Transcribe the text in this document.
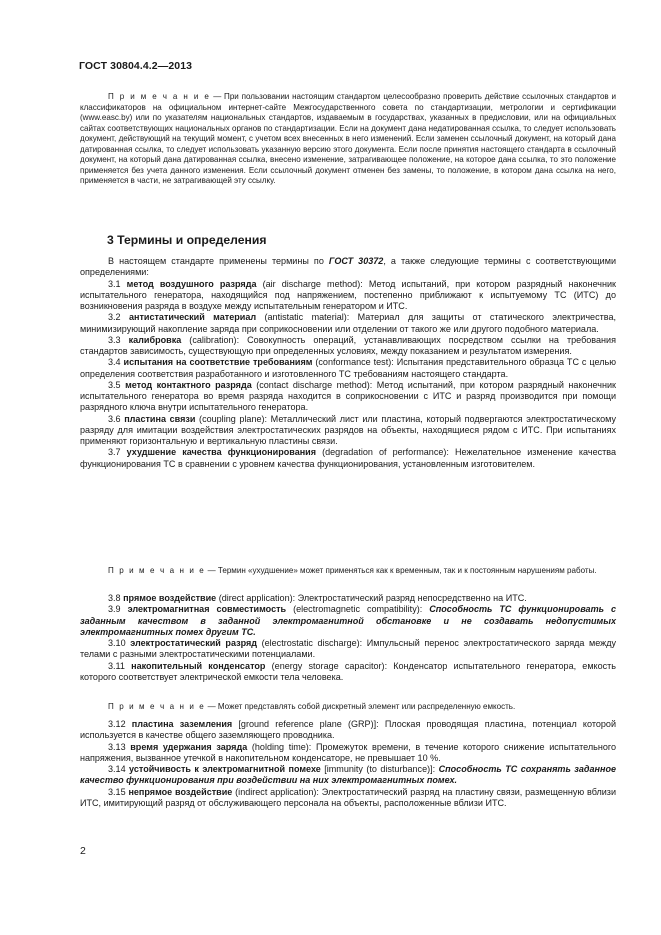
ГОСТ 30804.4.2—2013

П р и м е ч а н и е — При пользовании настоящим стандартом целесообразно проверить действие ссылочных стандартов и классификаторов на официальном интернет-сайте Межгосударственного совета по стандартизации, метрологии и сертификации (www.easc.by) или по указателям национальных стандартов, издаваемым в государствах, указанных в предисловии, или на официальных сайтах соответствующих национальных органов по стандартизации. Если на документ дана недатированная ссылка, то следует использовать документ, действующий на текущий момент, с учетом всех внесенных в него изменений. Если заменен ссылочный документ, на который дана датированная ссылка, то следует использовать указанную версию этого документа. Если после принятия настоящего стандарта в ссылочный документ, на который дана датированная ссылка, внесено изменение, затрагивающее положение, на которое дана ссылка, то это положение применяется без учета данного изменения. Если ссылочный документ отменен без замены, то положение, в котором дана ссылка на него, применяется в части, не затрагивающей эту ссылку.

3 Термины и определения

В настоящем стандарте применены термины по ГОСТ 30372, а также следующие термины с соответствующими определениями:

3.1 метод воздушного разряда (air discharge method): Метод испытаний, при котором разрядный наконечник испытательного генератора, находящийся под напряжением, постепенно приближают к испытуемому ТС (ИТС) до возникновения разряда в воздухе между испытательным генератором и ИТС.

3.2 антистатический материал (antistatic material): Материал для защиты от статического электричества, минимизирующий накопление заряда при соприкосновении или отделении от такого же или другого подобного материала.

3.3 калибровка (calibration): Совокупность операций, устанавливающих посредством ссылки на требования стандартов зависимость, существующую при определенных условиях, между показанием и результатом измерения.

3.4 испытания на соответствие требованиям (conformance test): Испытания представительного образца ТС с целью определения соответствия разработанного и изготовленного ТС требованиям настоящего стандарта.

3.5 метод контактного разряда (contact discharge method): Метод испытаний, при котором разрядный наконечник испытательного генератора во время разряда находится в соприкосновении с ИТС и разряд производится при помощи разрядного ключа внутри испытательного генератора.

3.6 пластина связи (coupling plane): Металлический лист или пластина, который подвергаются электростатическому разряду для имитации воздействия электростатических разрядов на объекты, находящиеся рядом с ИТС. При испытаниях применяют горизонтальную и вертикальную пластины связи.

3.7 ухудшение качества функционирования (degradation of performance): Нежелательное изменение качества функционирования ТС в сравнении с уровнем качества функционирования, установленным изготовителем.

П р и м е ч а н и е — Термин «ухудшение» может применяться как к временным, так и к постоянным нарушениям работы.

3.8 прямое воздействие (direct application): Электростатический разряд непосредственно на ИТС.

3.9 электромагнитная совместимость (electromagnetic compatibility): Способность ТС функционировать с заданным качеством в заданной электромагнитной обстановке и не создавать недопустимых электромагнитных помех другим ТС.

3.10 электростатический разряд (electrostatic discharge): Импульсный перенос электростатического заряда между телами с разными электростатическими потенциалами.

3.11 накопительный конденсатор (energy storage capacitor): Конденсатор испытательного генератора, емкость которого соответствует электрической емкости тела человека.

П р и м е ч а н и е — Может представлять собой дискретный элемент или распределенную емкость.

3.12 пластина заземления [ground reference plane (GRP)]: Плоская проводящая пластина, потенциал которой используется в качестве общего заземляющего проводника.

3.13 время удержания заряда (holding time): Промежуток времени, в течение которого снижение испытательного напряжения, вызванное утечкой в накопительном конденсаторе, не превышает 10 %.

3.14 устойчивость к электромагнитной помехе [immunity (to disturbance)]: Способность ТС сохранять заданное качество функционирования при воздействии на них электромагнитных помех.

3.15 непрямое воздействие (indirect application): Электростатический разряд на пластину связи, размещенную вблизи ИТС, имитирующий разряд от обслуживающего персонала на объекты, расположенные вблизи ИТС.

2
